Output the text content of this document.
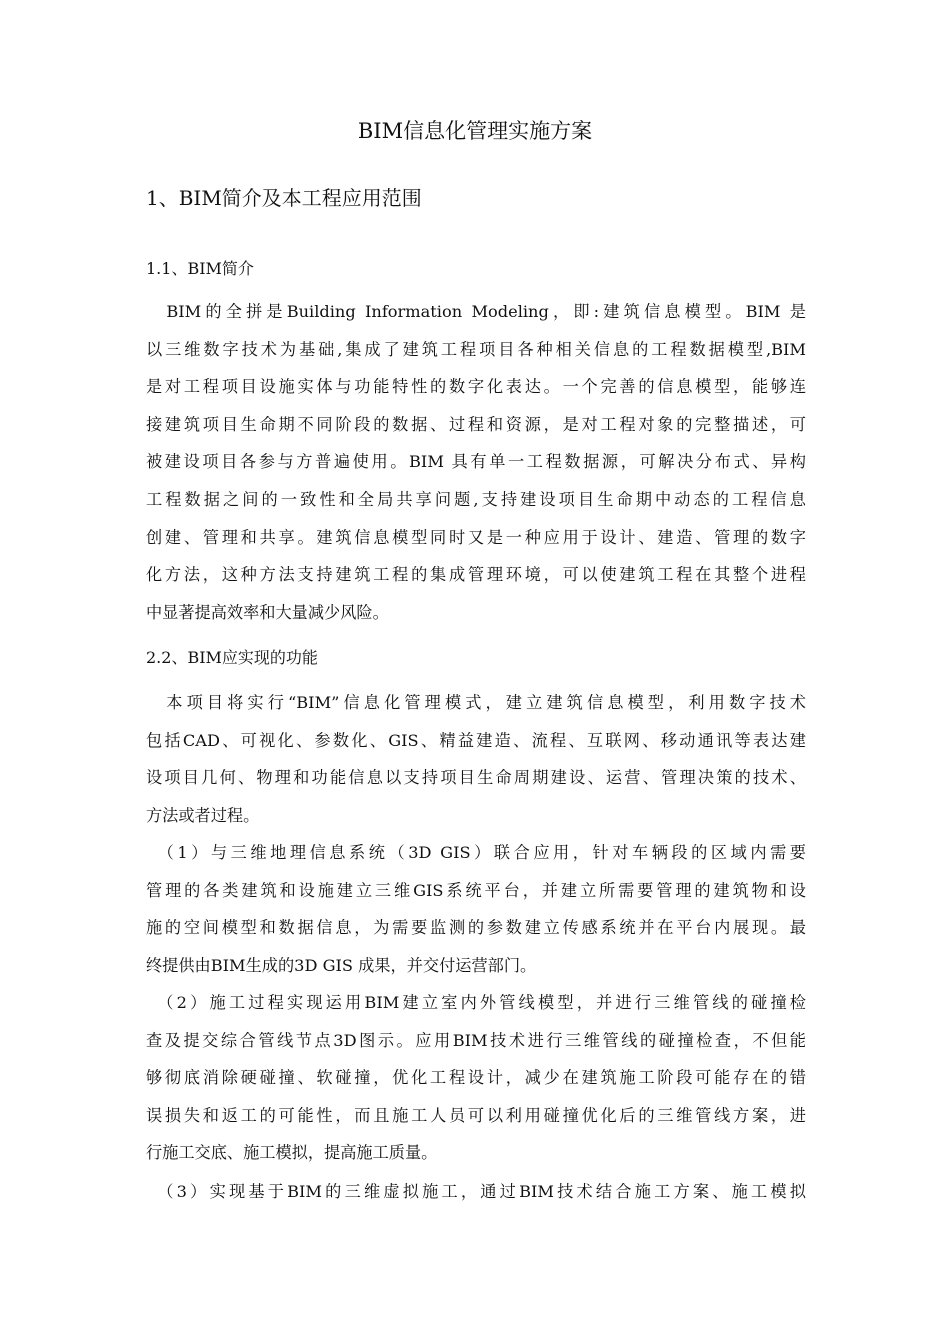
BIM信息化管理实施方案
1、BIM简介及本工程应用范围
1.1、BIM简介

　BIM的全拼是Building Information Modeling，即:建筑信息模型。BIM 是
以三维数字技术为基础,集成了建筑工程项目各种相关信息的工程数据模型,BIM
是对工程项目设施实体与功能特性的数字化表达。一个完善的信息模型，能够连
接建筑项目生命期不同阶段的数据、过程和资源，是对工程对象的完整描述，可
被建设项目各参与方普遍使用。BIM 具有单一工程数据源，可解决分布式、异构
工程数据之间的一致性和全局共享问题,支持建设项目生命期中动态的工程信息
创建、管理和共享。建筑信息模型同时又是一种应用于设计、建造、管理的数字
化方法，这种方法支持建筑工程的集成管理环境，可以使建筑工程在其整个进程
中显著提高效率和大量减少风险。

2.2、BIM应实现的功能

　本项目将实行“BIM”信息化管理模式，建立建筑信息模型，利用数字技术
包括CAD、可视化、参数化、GIS、精益建造、流程、互联网、移动通讯等表达建
设项目几何、物理和功能信息以支持项目生命周期建设、运营、管理决策的技术、
方法或者过程。

　（1）与三维地理信息系统（3D GIS）联合应用，针对车辆段的区域内需要
管理的各类建筑和设施建立三维GIS系统平台，并建立所需要管理的建筑物和设
施的空间模型和数据信息，为需要监测的参数建立传感系统并在平台内展现。最
终提供由BIM生成的3D GIS 成果，并交付运营部门。

　（2）施工过程实现运用BIM建立室内外管线模型，并进行三维管线的碰撞检
查及提交综合管线节点3D图示。应用BIM技术进行三维管线的碰撞检查，不但能
够彻底消除硬碰撞、软碰撞，优化工程设计，减少在建筑施工阶段可能存在的错
误损失和返工的可能性，而且施工人员可以利用碰撞优化后的三维管线方案，进
行施工交底、施工模拟，提高施工质量。

　（3）实现基于BIM的三维虚拟施工，通过BIM技术结合施工方案、施工模拟
